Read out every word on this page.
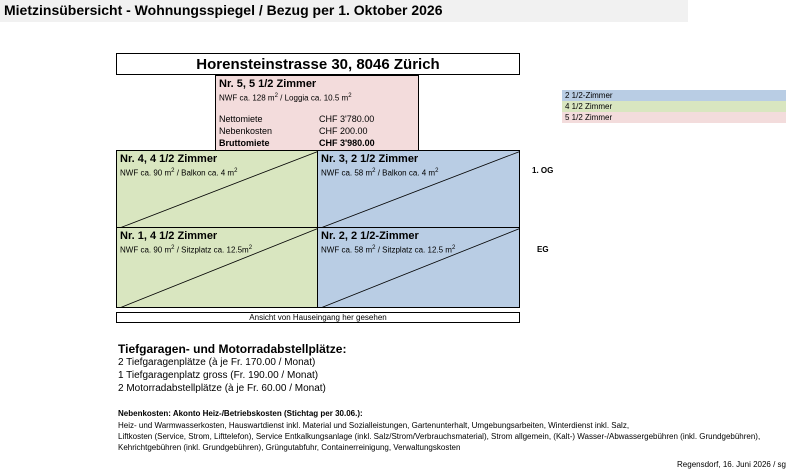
Mietzinsübersicht - Wohnungsspiegel / Bezug per 1. Oktober 2026
Horensteinstrasse 30, 8046 Zürich
Nr. 5, 5 1/2 Zimmer
NWF ca. 128 $m^2$ / Loggia ca. 10.5 $m^2$
Nettomiete	CHF 3'780.00
Nebenkosten	CHF 200.00
Bruttomiete	CHF 3'980.00
Nr. 4, 4 1/2 Zimmer
NWF ca. 90 $m^2$ / Balkon ca. 4 $m^2$
Nr. 3, 2 1/2 Zimmer
NWF ca. 58 $m^2$ / Balkon ca. 4 $m^2$
Nr. 1, 4 1/2 Zimmer
NWF ca. 90 $m^2$ / Sitzplatz ca. $12.5m^2$
Nr. 2, 2 1/2-Zimmer
NWF ca. 58 $m^2$ / Sitzplatz ca. 12.5 $m^2$
1. OG
EG
2 1/2-Zimmer
4 1/2 Zimmer
5 1/2 Zimmer
Ansicht von Hauseingang her gesehen
Tiefgaragen- und Motorradabstellplätze:
2 Tiefgaragenplätze (à je Fr. 170.00 / Monat)
1 Tiefgaragenplatz gross (Fr. 190.00 / Monat)
2 Motorradabstellplätze (à je Fr. 60.00 / Monat)
Nebenkosten: Akonto Heiz-/Betriebskosten (Stichtag per 30.06.):
Heiz- und Warmwasserkosten, Hauswartdienst inkl. Material und Sozialleistungen, Gartenunterhalt, Umgebungsarbeiten, Winterdienst inkl. Salz,
Liftkosten (Service, Strom, Lifttelefon), Service Entkalkungsanlage (inkl. Salz/Strom/Verbrauchsmaterial), Strom allgemein, (Kalt-) Wasser-/Abwassergebühren (inkl. Grundgebühren),
Kehrichtgebühren (inkl. Grundgebühren), Grüngutabfuhr, Containerreinigung, Verwaltungskosten
Regensdorf, 16. Juni 2026 / sg
